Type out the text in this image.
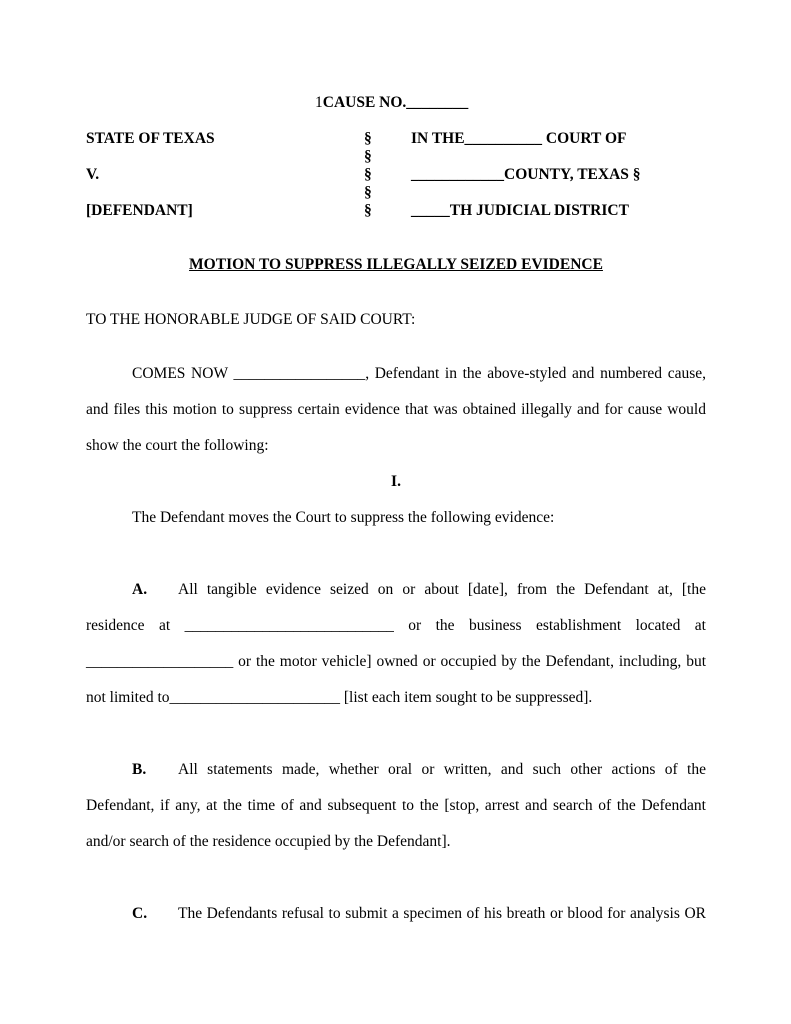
1CAUSE NO.________
STATE OF TEXAS
V.
[DEFENDANT]
§
§
§
§
§
IN THE__________ COURT OF
____________COUNTY, TEXAS §
_____TH JUDICIAL DISTRICT
MOTION TO SUPPRESS ILLEGALLY SEIZED EVIDENCE
TO THE HONORABLE JUDGE OF SAID COURT:
COMES NOW _________________, Defendant in the above-styled and numbered cause,
and files this motion to suppress certain evidence that was obtained illegally and for cause would
show the court the following:
I.
The Defendant moves the Court to suppress the following evidence:
A. All tangible evidence seized on or about [date], from the Defendant at, [the
residence at ___________________________ or the business establishment located at
___________________ or the motor vehicle] owned or occupied by the Defendant, including, but
not limited to______________________ [list each item sought to be suppressed].
B. All statements made, whether oral or written, and such other actions of the
Defendant, if any, at the time of and subsequent to the [stop, arrest and search of the Defendant
and/or search of the residence occupied by the Defendant].
C. The Defendants refusal to submit a specimen of his breath or blood for analysis OR
